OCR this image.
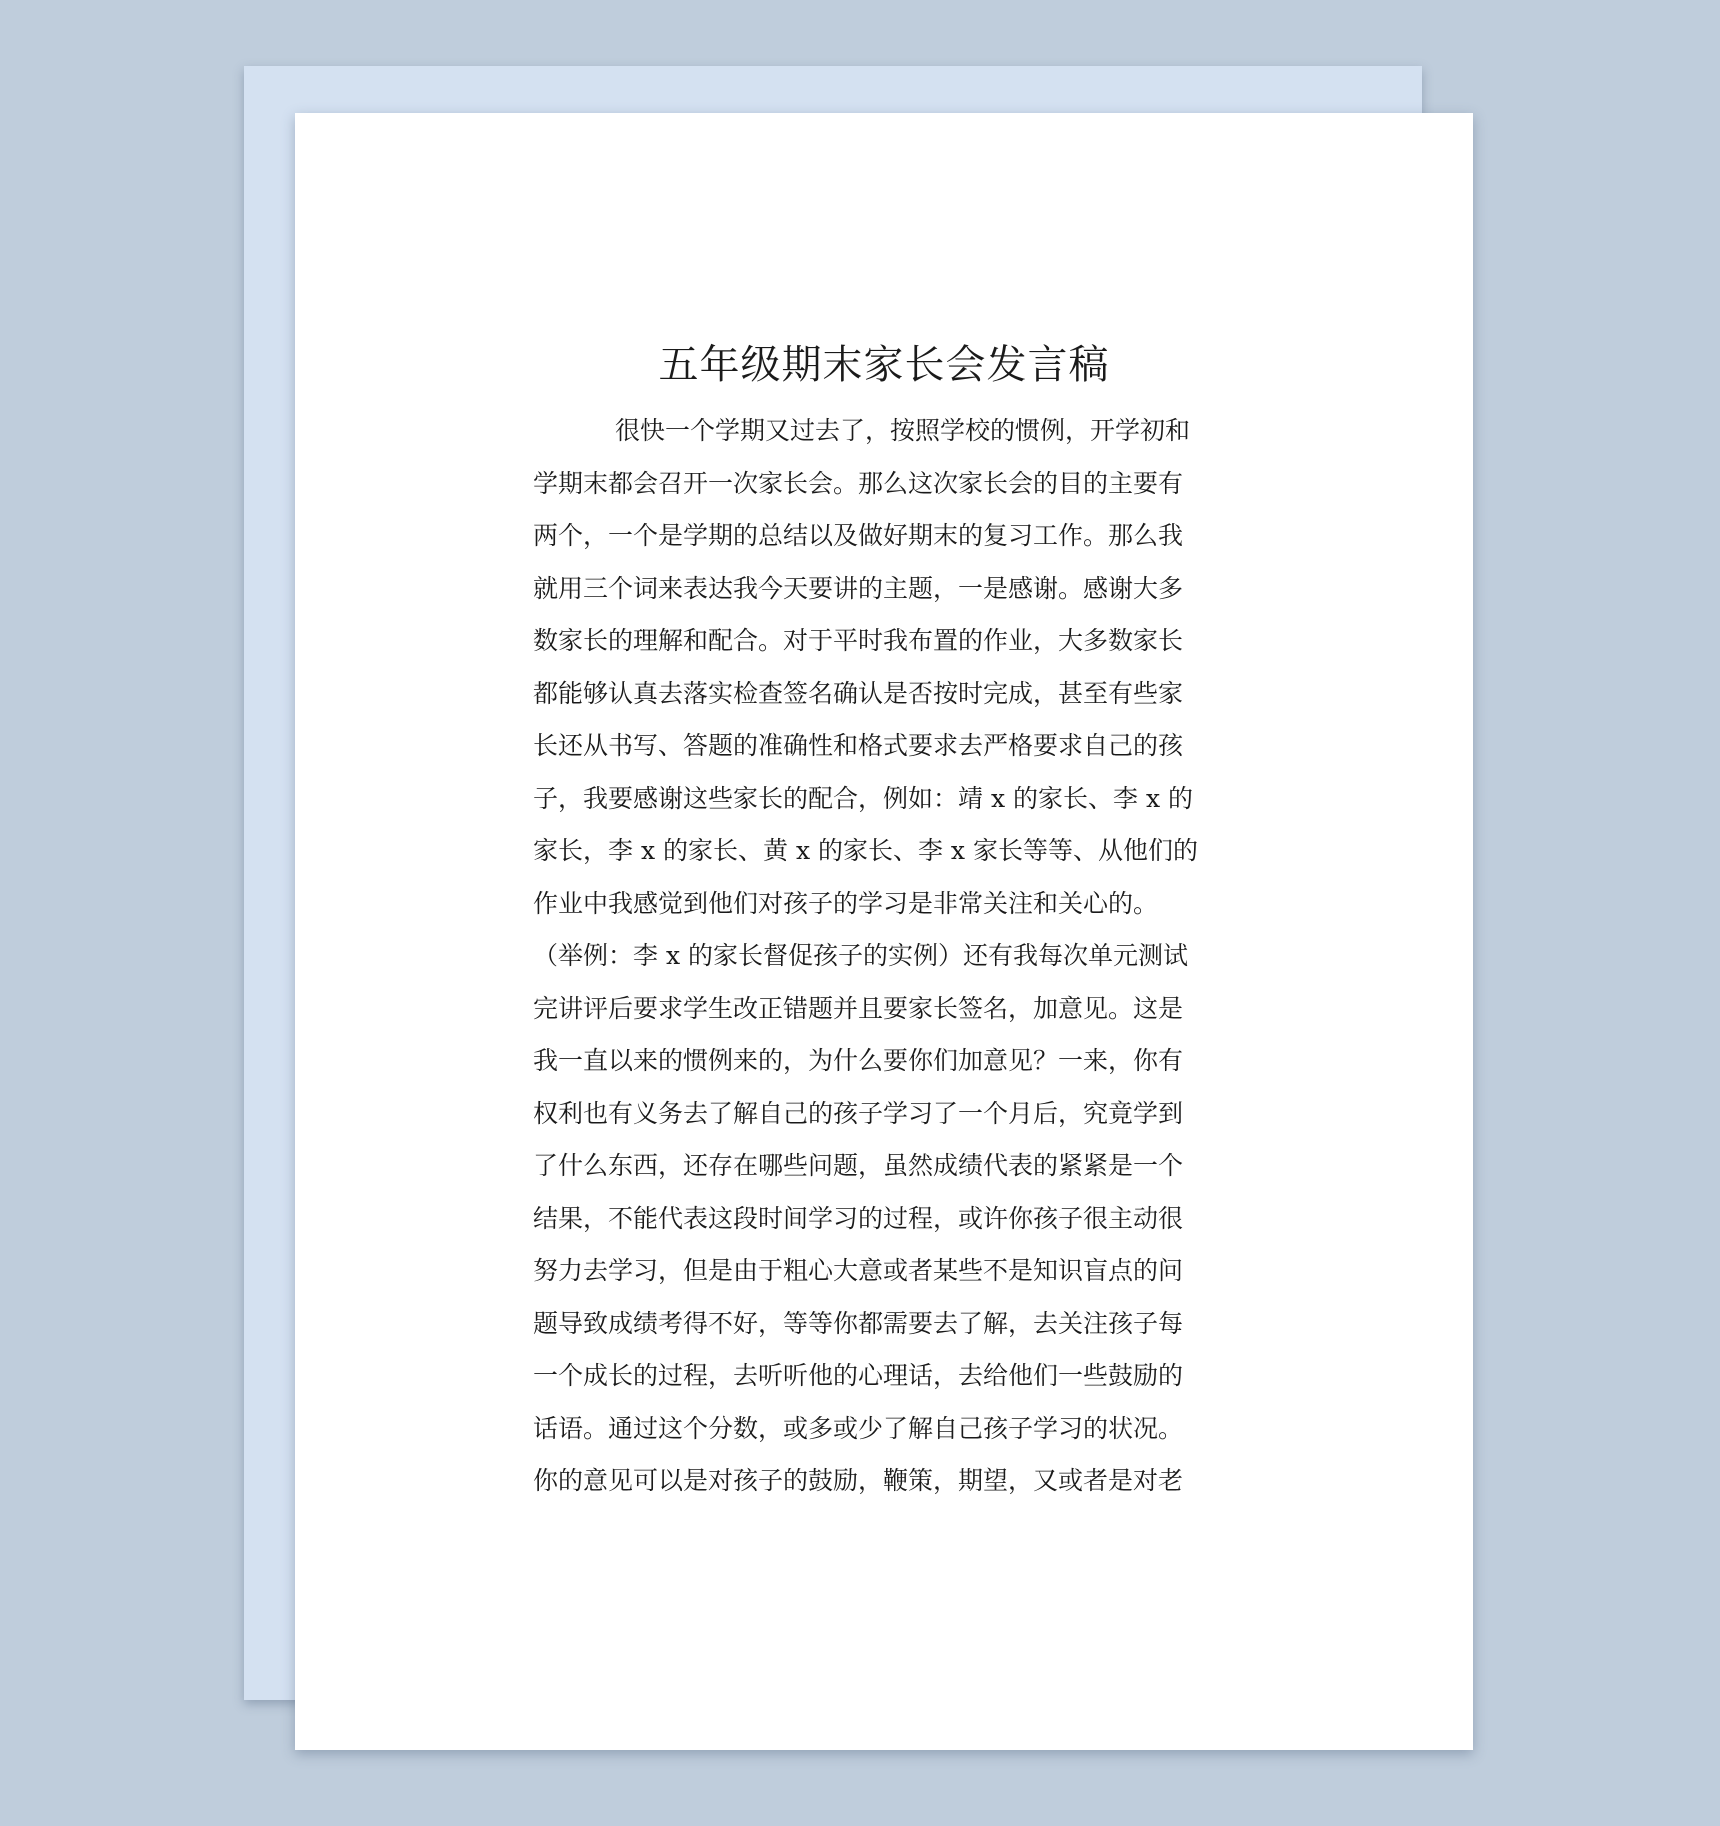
五年级期末家长会发言稿
很快一个学期又过去了，按照学校的惯例，开学初和
学期末都会召开一次家长会。那么这次家长会的目的主要有
两个，一个是学期的总结以及做好期末的复习工作。那么我
就用三个词来表达我今天要讲的主题，一是感谢。感谢大多
数家长的理解和配合。对于平时我布置的作业，大多数家长
都能够认真去落实检查签名确认是否按时完成，甚至有些家
长还从书写、答题的准确性和格式要求去严格要求自己的孩
子，我要感谢这些家长的配合，例如：靖 x 的家长、李 x 的
家长，李 x 的家长、黄 x 的家长、李 x 家长等等、从他们的
作业中我感觉到他们对孩子的学习是非常关注和关心的。
（举例：李 x 的家长督促孩子的实例）还有我每次单元测试
完讲评后要求学生改正错题并且要家长签名，加意见。这是
我一直以来的惯例来的，为什么要你们加意见？一来，你有
权利也有义务去了解自己的孩子学习了一个月后，究竟学到
了什么东西，还存在哪些问题，虽然成绩代表的紧紧是一个
结果，不能代表这段时间学习的过程，或许你孩子很主动很
努力去学习，但是由于粗心大意或者某些不是知识盲点的问
题导致成绩考得不好，等等你都需要去了解，去关注孩子每
一个成长的过程，去听听他的心理话，去给他们一些鼓励的
话语。通过这个分数，或多或少了解自己孩子学习的状况。
你的意见可以是对孩子的鼓励，鞭策，期望，又或者是对老
